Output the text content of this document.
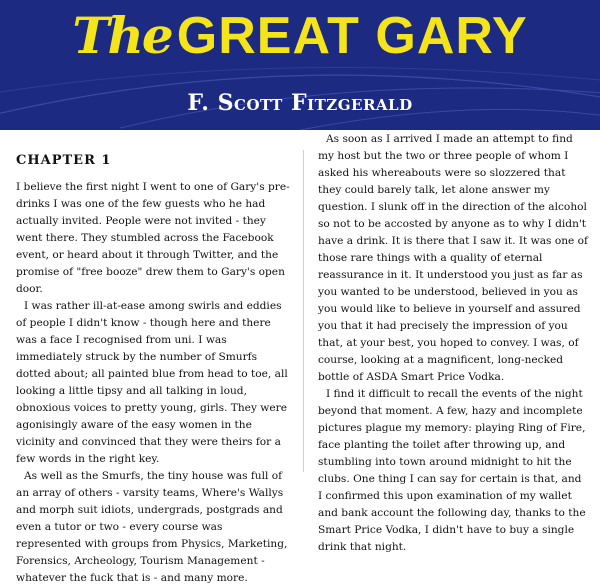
The GREAT GARY
F. Scott Fitzgerald
CHAPTER 1

I believe the first night I went to one of Gary's pre-drinks I was one of the few guests who he had actually invited. People were not invited - they went there. They stumbled across the Facebook event, or heard about it through Twitter, and the promise of "free booze" drew them to Gary's open door.

I was rather ill-at-ease among swirls and eddies of people I didn't know - though here and there was a face I recognised from uni. I was immediately struck by the number of Smurfs dotted about; all painted blue from head to toe, all looking a little tipsy and all talking in loud, obnoxious voices to pretty young, girls. They were agonisingly aware of the easy women in the vicinity and convinced that they were theirs for a few words in the right key.

As well as the Smurfs, the tiny house was full of an array of others - varsity teams, Where's Wallys and morph suit idiots, undergrads, postgrads and even a tutor or two - every course was represented with groups from Physics, Marketing, Forensics, Archeology, Tourism Management - whatever the fuck that is - and many more.

As soon as I arrived I made an attempt to find my host but the two or three people of whom I asked his whereabouts were so slozzered that they could barely talk, let alone answer my question. I slunk off in the direction of the alcohol so not to be accosted by anyone as to why I didn't have a drink. It is there that I saw it. It was one of those rare things with a quality of eternal reassurance in it. It understood you just as far as you wanted to be understood, believed in you as you would like to believe in yourself and assured you that it had precisely the impression of you that, at your best, you hoped to convey. I was, of course, looking at a magnificent, long-necked bottle of ASDA Smart Price Vodka.

I find it difficult to recall the events of the night beyond that moment. A few, hazy and incomplete pictures plague my memory: playing Ring of Fire, face planting the toilet after throwing up, and stumbling into town around midnight to hit the clubs. One thing I can say for certain is that, and I confirmed this upon examination of my wallet and bank account the following day, thanks to the Smart Price Vodka, I didn't have to buy a single drink that night.
